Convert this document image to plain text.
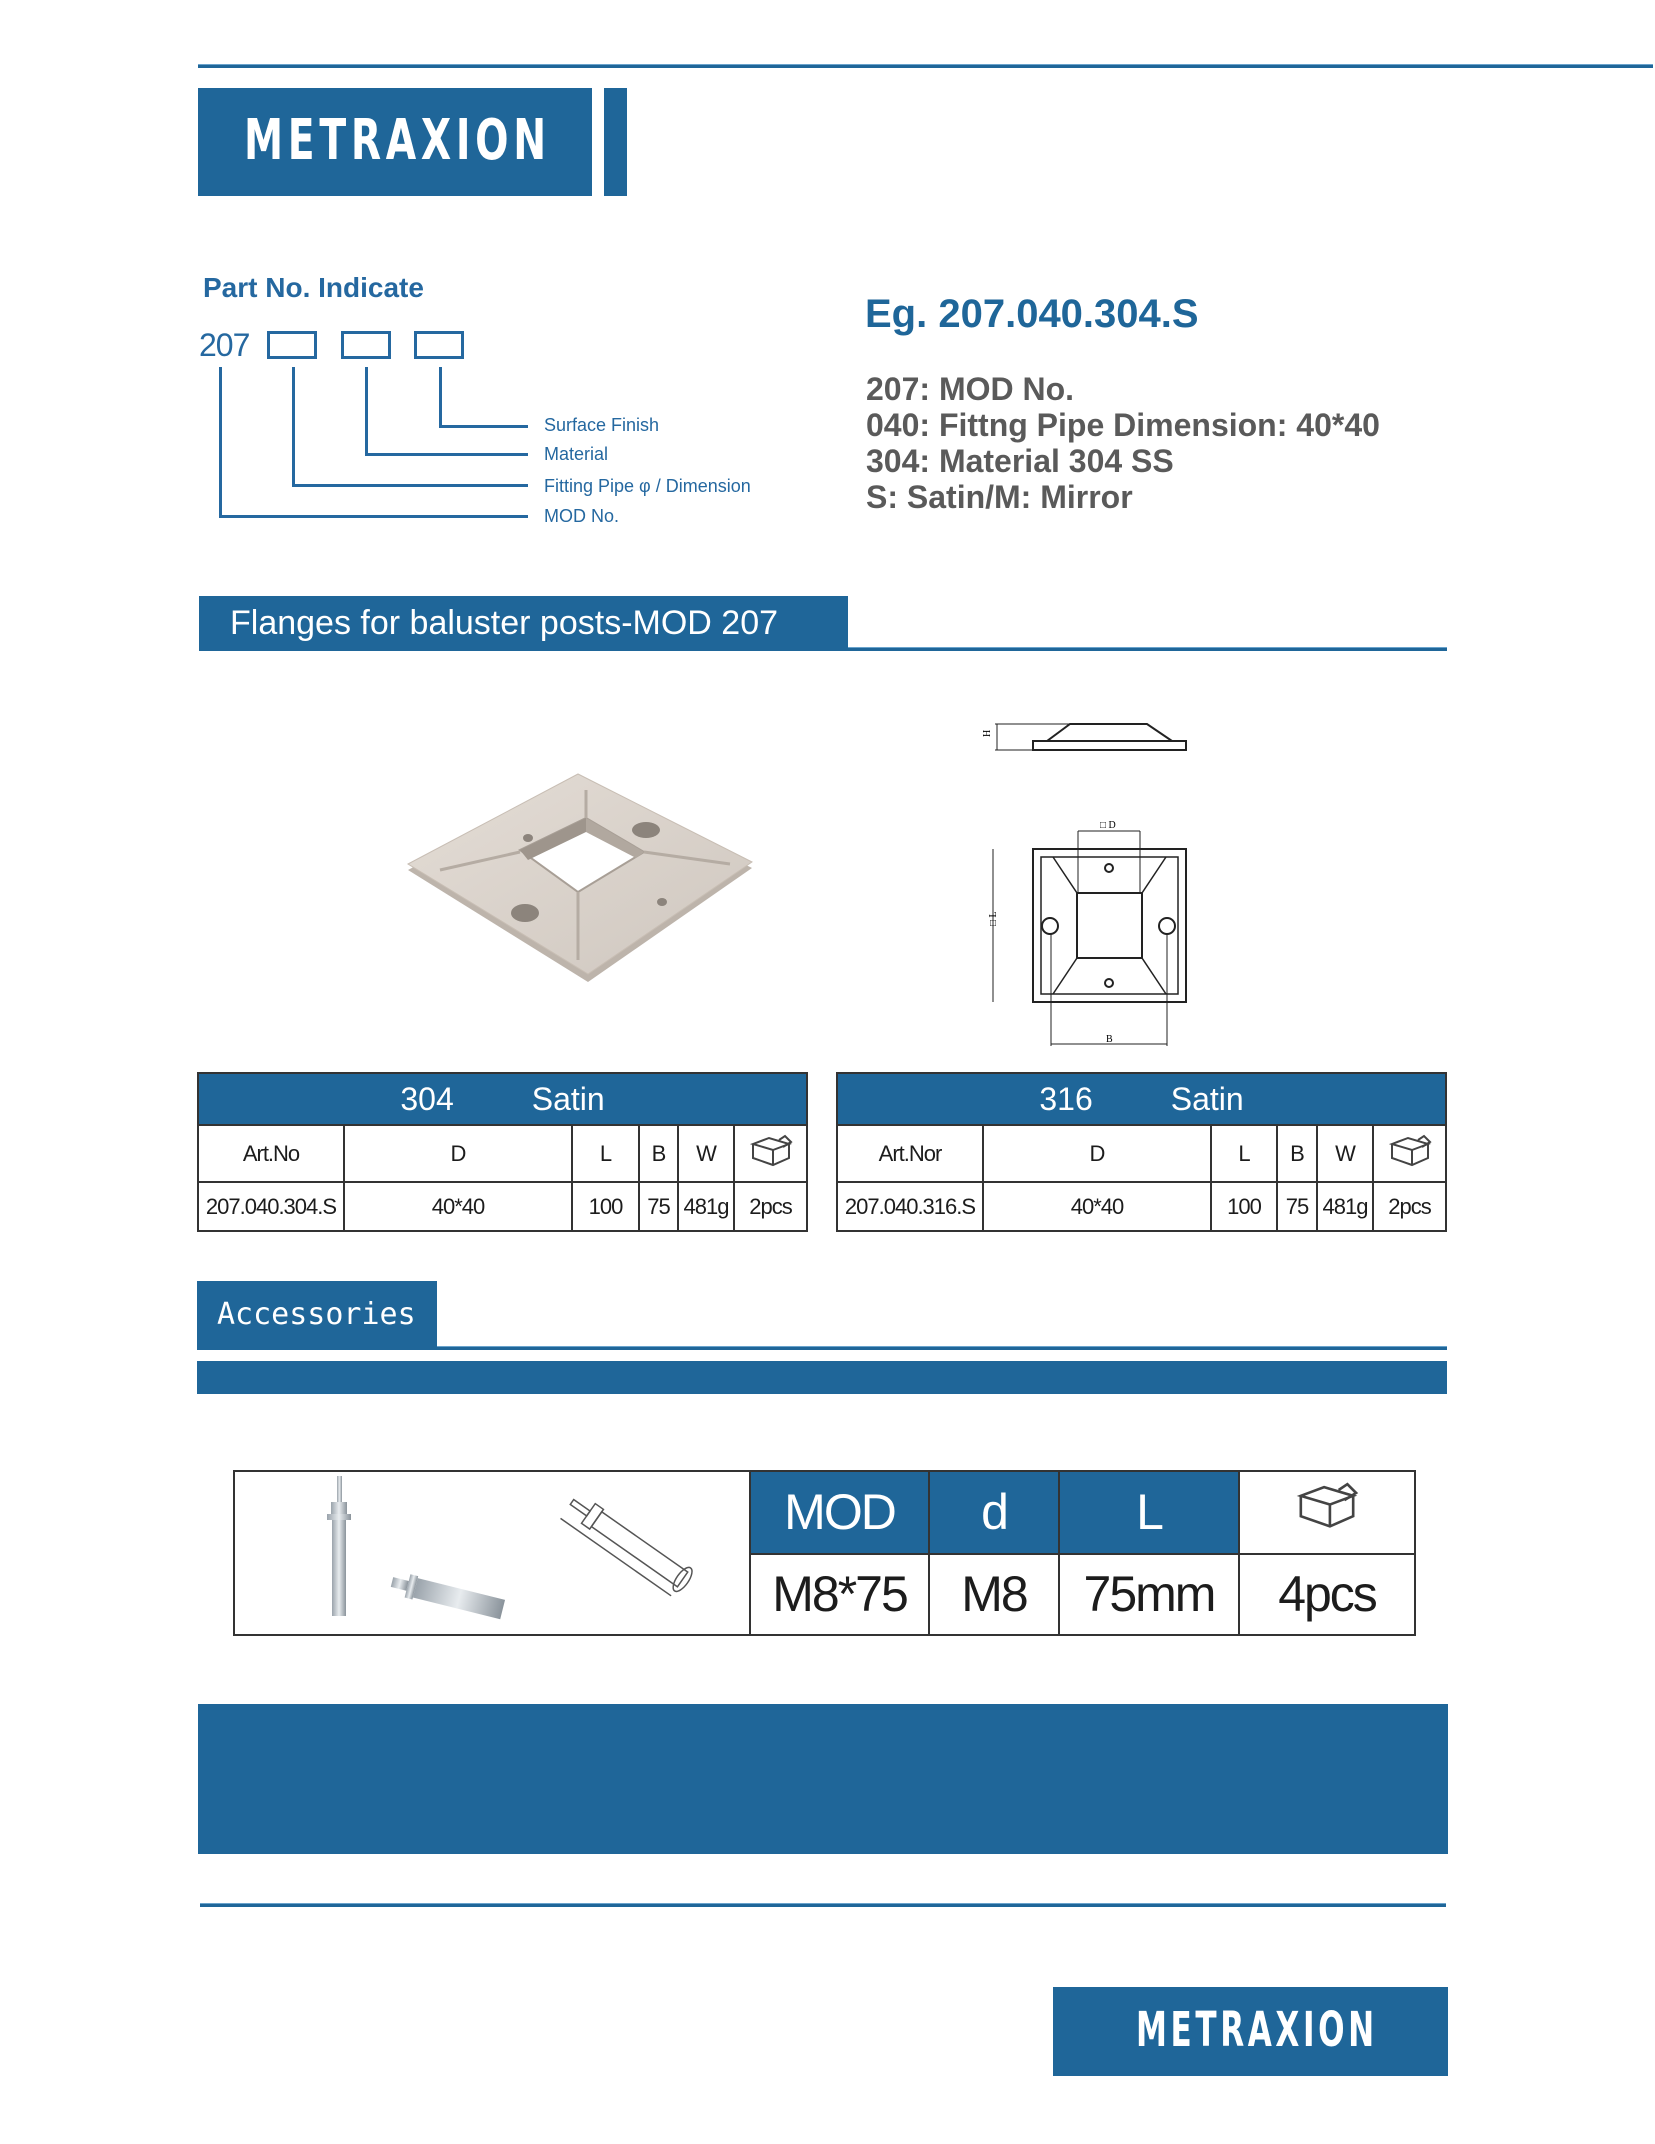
METRAXION
Part No. Indicate
207
Surface Finish
Material
Fitting Pipe φ / Dimension
MOD No.
Eg. 207.040.304.S
207: MOD No.
040: Fittng Pipe Dimension: 40*40
304: Material 304 SS
S: Satin/M: Mirror
Flanges for baluster posts-MOD 207
H
□ D
□ L
B
304 Satin					
Art.No	D	L	B	W	
207.040.304.S	40*40	100	75	481g	2pcs
316 Satin					
Art.Nor	D	L	B	W	
207.040.316.S	40*40	100	75	481g	2pcs
Accessories
	MOD	d	L	
	M8*75	M8	75mm	4pcs
METRAXION
